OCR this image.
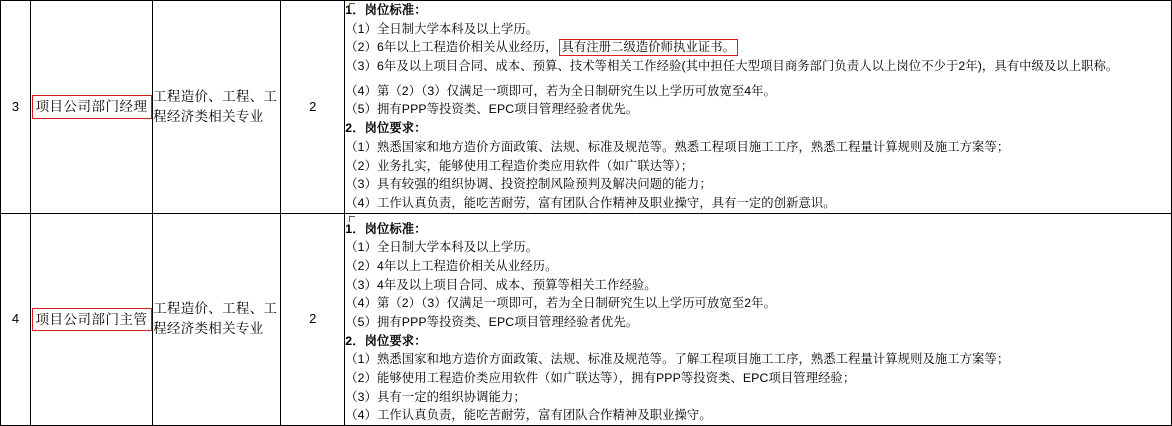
3	项目公司部门经理	工程造价、工程、工程经济类相关专业	2	
1．岗位标准：
（1）全日制大学本科及以上学历。
（2）6年以上工程造价相关从业经历， 具有注册二级造价师执业证书。
（3）6年及以上项目合同、成本、预算、技术等相关工作经验(其中担任大型项目商务部门负责人以上岗位不少于2年)，具有中级及以上职称。
（4）第（2）（3）仅满足一项即可，若为全日制研究生以上学历可放宽至4年。
（5）拥有PPP等投资类、EPC项目管理经验者优先。
2．岗位要求：
（1）熟悉国家和地方造价方面政策、法规、标准及规范等。熟悉工程项目施工工序，熟悉工程量计算规则及施工方案等；
（2）业务扎实，能够使用工程造价类应用软件（如广联达等）；
（3）具有较强的组织协调、投资控制风险预判及解决问题的能力；
（4）工作认真负责，能吃苦耐劳，富有团队合作精神及职业操守，具有一定的创新意识。

4	项目公司部门主管	工程造价、工程、工程经济类相关专业	2	
1．岗位标准：
（1）全日制大学本科及以上学历。
（2）4年以上工程造价相关从业经历。
（3）4年及以上项目合同、成本、预算等相关工作经验。
（4）第（2）（3）仅满足一项即可，若为全日制研究生以上学历可放宽至2年。
（5）拥有PPP等投资类、EPC项目管理经验者优先。
2．岗位要求：
（1）熟悉国家和地方造价方面政策、法规、标准及规范等。了解工程项目施工工序，熟悉工程量计算规则及施工方案等；
（2）能够使用工程造价类应用软件（如广联达等），拥有PPP等投资类、EPC项目管理经验；
（3）具有一定的组织协调能力；
（4）工作认真负责，能吃苦耐劳，富有团队合作精神及职业操守。
